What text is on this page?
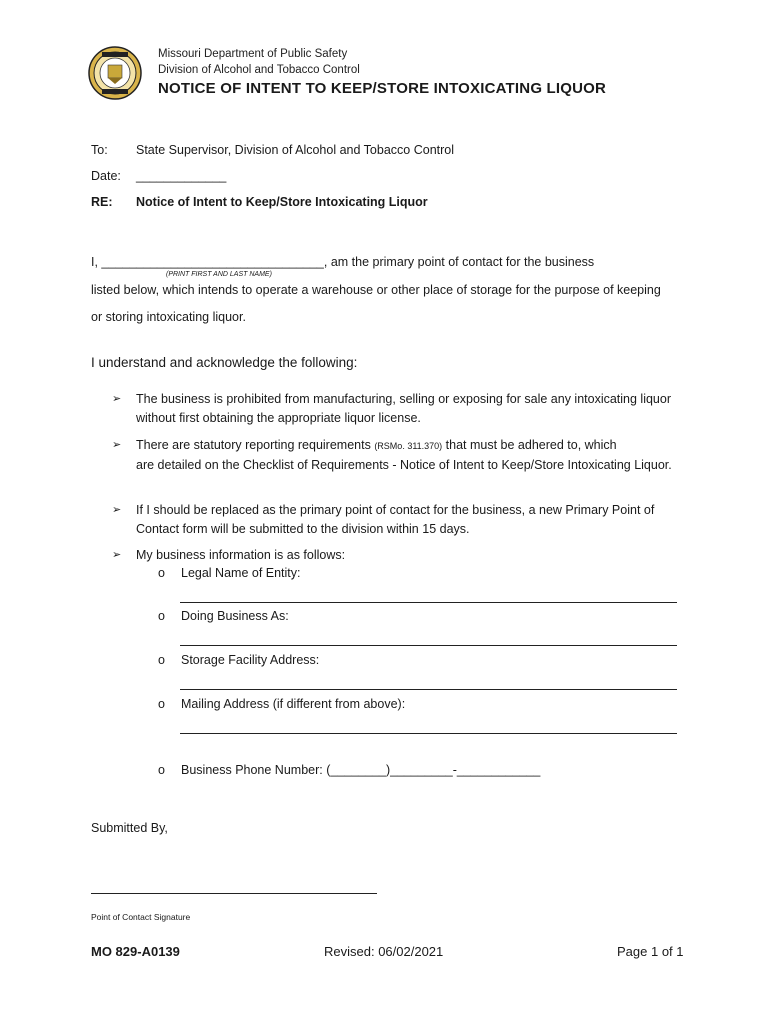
Missouri Department of Public Safety
Division of Alcohol and Tobacco Control
NOTICE OF INTENT TO KEEP/STORE INTOXICATING LIQUOR
To: State Supervisor, Division of Alcohol and Tobacco Control
Date: _____________
RE: Notice of Intent to Keep/Store Intoxicating Liquor
I, ________________________________, am the primary point of contact for the business
(PRINT FIRST AND LAST NAME)
listed below, which intends to operate a warehouse or other place of storage for the purpose of keeping
or storing intoxicating liquor.
I understand and acknowledge the following:
➢ The business is prohibited from manufacturing, selling or exposing for sale any intoxicating liquor without first obtaining the appropriate liquor license.
➢ There are statutory reporting requirements (RSMo. 311.370) that must be adhered to, which
are detailed on the Checklist of Requirements - Notice of Intent to Keep/Store Intoxicating Liquor.
➢ If I should be replaced as the primary point of contact for the business, a new Primary Point of Contact form will be submitted to the division within 15 days.
➢ My business information is as follows:
o Legal Name of Entity:
o Doing Business As:
o Storage Facility Address:
o Mailing Address (if different from above):
o Business Phone Number: (________)_________-____________
Submitted By,
Point of Contact Signature
MO 829-A0139	Revised: 06/02/2021	Page 1 of 1
